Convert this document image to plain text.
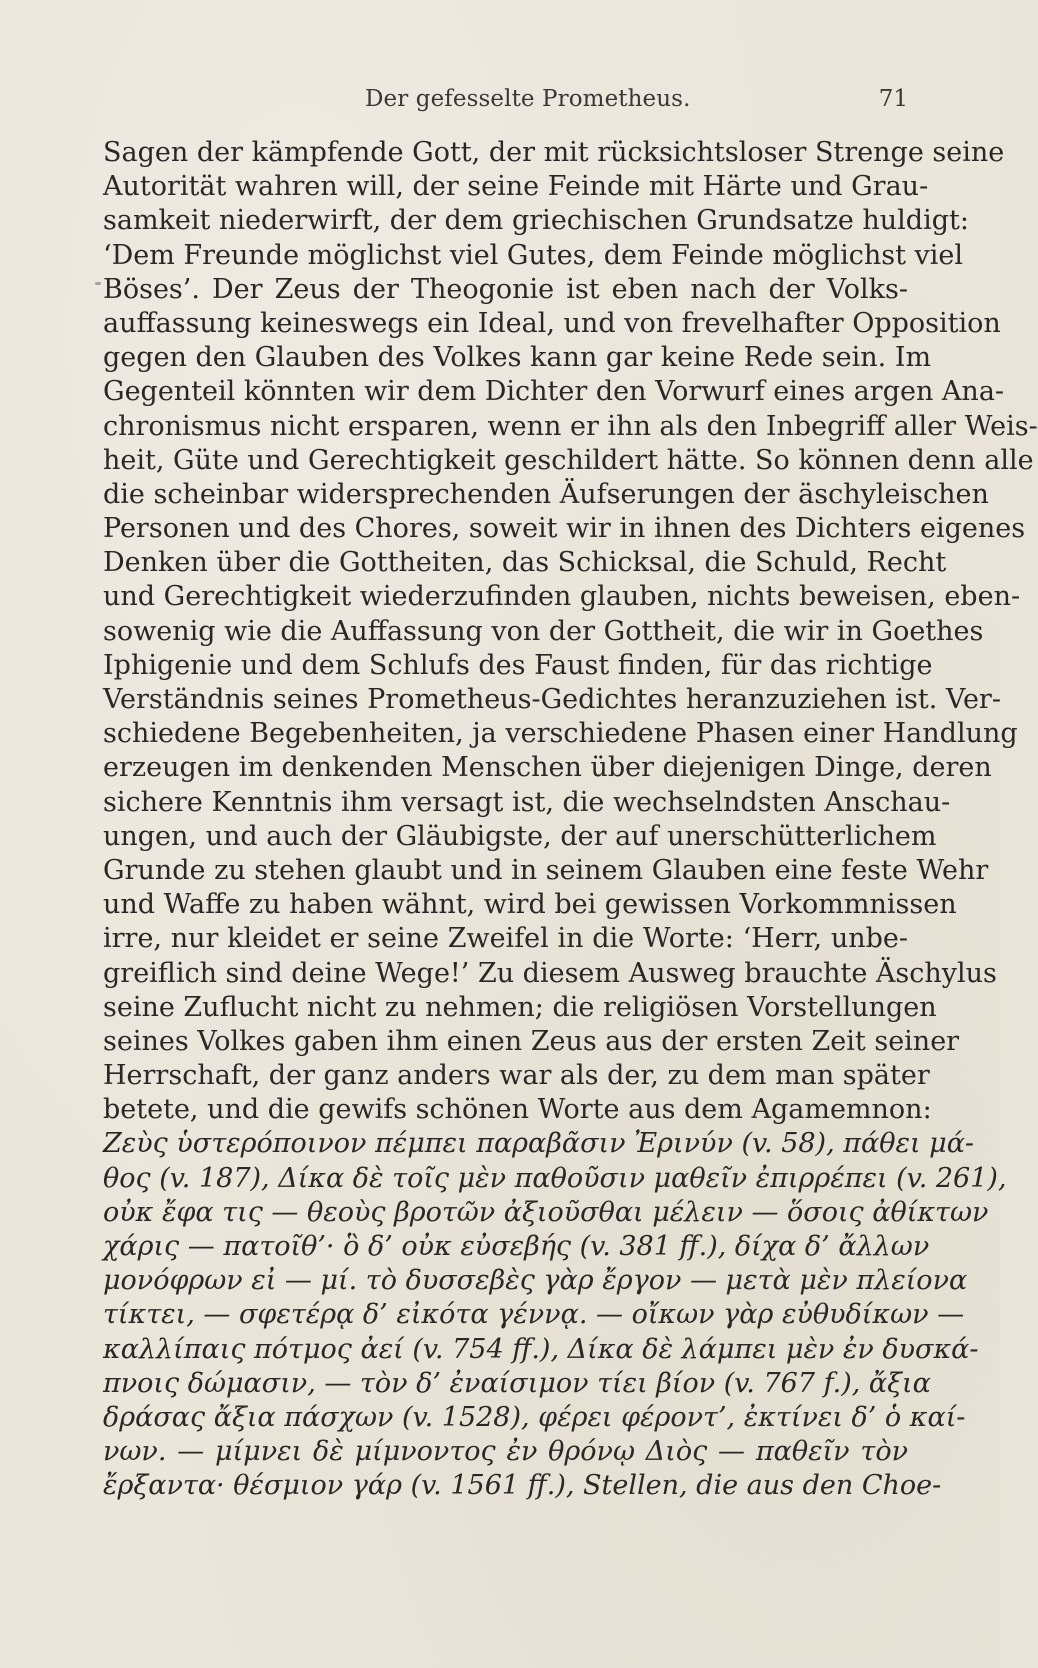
Der gefesselte Prometheus.	71
Sagen der kämpfende Gott, der mit rücksichtsloser Strenge seine
Autorität wahren will, der seine Feinde mit Härte und Grau-
samkeit niederwirft, der dem griechischen Grundsatze huldigt:
‘Dem Freunde möglichst viel Gutes, dem Feinde möglichst viel
Böses’. Der Zeus der Theogonie ist eben nach der Volks-
auffassung keineswegs ein Ideal, und von frevelhafter Opposition
gegen den Glauben des Volkes kann gar keine Rede sein. Im
Gegenteil könnten wir dem Dichter den Vorwurf eines argen Ana-
chronismus nicht ersparen, wenn er ihn als den Inbegriff aller Weis-
heit, Güte und Gerechtigkeit geschildert hätte. So können denn alle
die scheinbar widersprechenden Äufserungen der äschyleischen
Personen und des Chores, soweit wir in ihnen des Dichters eigenes
Denken über die Gottheiten, das Schicksal, die Schuld, Recht
und Gerechtigkeit wiederzufinden glauben, nichts beweisen, eben-
sowenig wie die Auffassung von der Gottheit, die wir in Goethes
Iphigenie und dem Schlufs des Faust finden, für das richtige
Verständnis seines Prometheus-Gedichtes heranzuziehen ist. Ver-
schiedene Begebenheiten, ja verschiedene Phasen einer Handlung
erzeugen im denkenden Menschen über diejenigen Dinge, deren
sichere Kenntnis ihm versagt ist, die wechselndsten Anschau-
ungen, und auch der Gläubigste, der auf unerschütterlichem
Grunde zu stehen glaubt und in seinem Glauben eine feste Wehr
und Waffe zu haben wähnt, wird bei gewissen Vorkommnissen
irre, nur kleidet er seine Zweifel in die Worte: ‘Herr, unbe-
greiflich sind deine Wege!’ Zu diesem Ausweg brauchte Äschylus
seine Zuflucht nicht zu nehmen; die religiösen Vorstellungen
seines Volkes gaben ihm einen Zeus aus der ersten Zeit seiner
Herrschaft, der ganz anders war als der, zu dem man später
betete, und die gewifs schönen Worte aus dem Agamemnon:
Ζεὺς ὑστερόποινον πέμπει παραβᾶσιν Ἐρινύν (v. 58), πάθει μά-
θος (v. 187), Δίκα δὲ τοῖς μὲν παθοῦσιν μαθεῖν ἐπιρρέπει (v. 261),
οὐκ ἔφα τις — θεοὺς βροτῶν ἀξιοῦσθαι μέλειν — ὅσοις ἀθίκτων
χάρις — πατοῖθ’· ὃ δ’ οὐκ εὐσεβής (v. 381 ff.), δίχα δ’ ἄλλων
μονόφρων εἰ — μί. τὸ δυσσεβὲς γὰρ ἔργον — μετὰ μὲν πλείονα
τίκτει, — σφετέρᾳ δ’ εἰκότα γέννᾳ. — οἴκων γὰρ εὐθυδίκων —
καλλίπαις πότμος ἀεί (v. 754 ff.), Δίκα δὲ λάμπει μὲν ἐν δυσκά-
πνοις δώμασιν, — τὸν δ’ ἐναίσιμον τίει βίον (v. 767 f.), ἄξια
δράσας ἄξια πάσχων (v. 1528), φέρει φέροντ’, ἐκτίνει δ’ ὁ καί-
νων. — μίμνει δὲ μίμνοντος ἐν θρόνῳ Διὸς — παθεῖν τὸν
ἔρξαντα· θέσμιον γάρ (v. 1561 ff.), Stellen, die aus den Choe-
